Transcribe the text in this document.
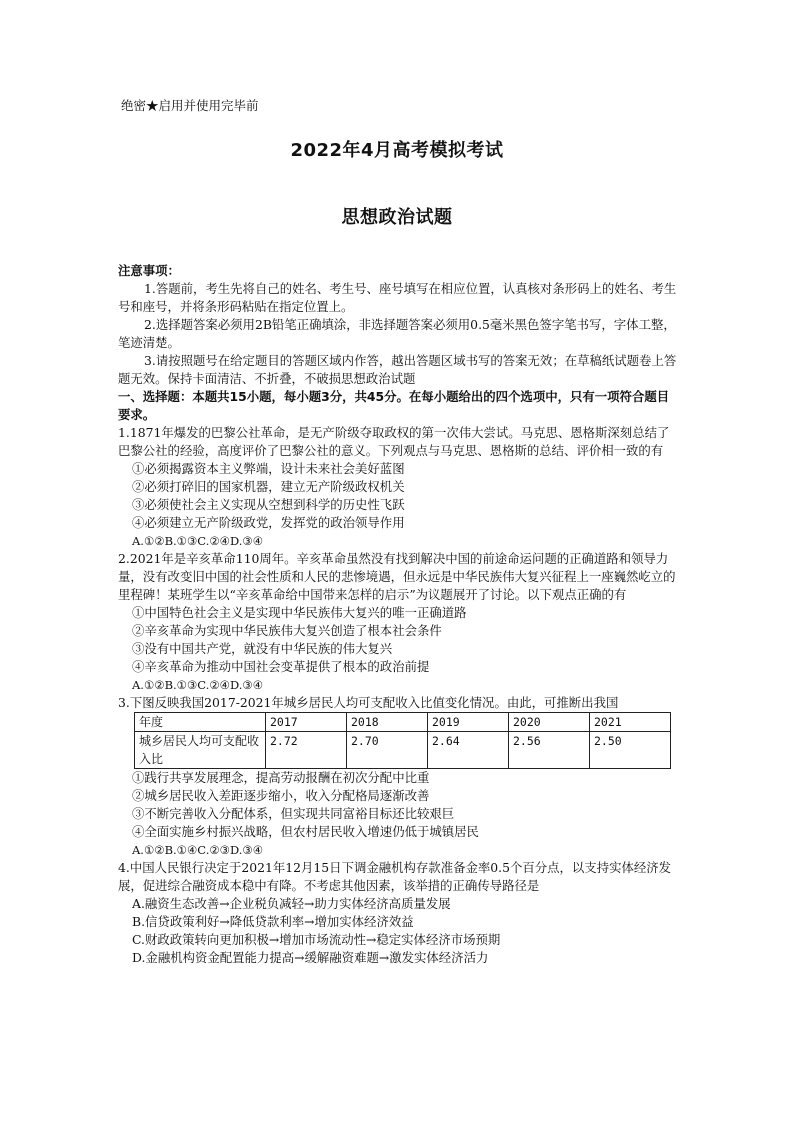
绝密★启用并使用完毕前
2022年4月高考模拟考试
思想政治试题
注意事项：

1.答题前，考生先将自己的姓名、考生号、座号填写在相应位置，认真核对条形码上的姓名、考生号和座号，并将条形码粘贴在指定位置上。

2.选择题答案必须用2B铅笔正确填涂，非选择题答案必须用0.5毫米黑色签字笔书写，字体工整，笔迹清楚。

3.请按照题号在给定题目的答题区域内作答，越出答题区域书写的答案无效；在草稿纸试题卷上答题无效。保持卡面清洁、不折叠，不破损思想政治试题

一、选择题：本题共15小题，每小题3分，共45分。在每小题给出的四个选项中，只有一项符合题目要求。

1.1871年爆发的巴黎公社革命，是无产阶级夺取政权的第一次伟大尝试。马克思、恩格斯深刻总结了巴黎公社的经验，高度评价了巴黎公社的意义。下列观点与马克思、恩格斯的总结、评价相一致的有

①必须揭露资本主义弊端，设计未来社会美好蓝图

②必须打碎旧的国家机器，建立无产阶级政权机关

③必须使社会主义实现从空想到科学的历史性飞跃

④必须建立无产阶级政党，发挥党的政治领导作用

A.①②B.①③C.②④D.③④

2.2021年是辛亥革命110周年。辛亥革命虽然没有找到解决中国的前途命运问题的正确道路和领导力量，没有改变旧中国的社会性质和人民的悲惨境遇，但永远是中华民族伟大复兴征程上一座巍然屹立的里程碑！某班学生以“辛亥革命给中国带来怎样的启示”为议题展开了讨论。以下观点正确的有

①中国特色社会主义是实现中华民族伟大复兴的唯一正确道路

②辛亥革命为实现中华民族伟大复兴创造了根本社会条件

③没有中国共产党，就没有中华民族的伟大复兴

④辛亥革命为推动中国社会变革提供了根本的政治前提

A.①②B.①③C.②④D.③④

3.下图反映我国2017-2021年城乡居民人均可支配收入比值变化情况。由此，可推断出我国

年度	2017	2018	2019	2020	2021
城乡居民人均可支配收入比	2.72	2.70	2.64	2.56	2.50

①践行共享发展理念，提高劳动报酬在初次分配中比重

②城乡居民收入差距逐步缩小，收入分配格局逐渐改善

③不断完善收入分配体系，但实现共同富裕目标还比较艰巨

④全面实施乡村振兴战略，但农村居民收入增速仍低于城镇居民

A.①②B.①④C.②③D.③④

4.中国人民银行决定于2021年12月15日下调金融机构存款准备金率0.5个百分点，以支持实体经济发展，促进综合融资成本稳中有降。不考虑其他因素，该举措的正确传导路径是

A.融资生态改善→企业税负减轻→助力实体经济高质量发展

B.信贷政策利好→降低贷款利率→增加实体经济效益

C.财政政策转向更加积极→增加市场流动性→稳定实体经济市场预期

D.金融机构资金配置能力提高→缓解融资难题→激发实体经济活力
